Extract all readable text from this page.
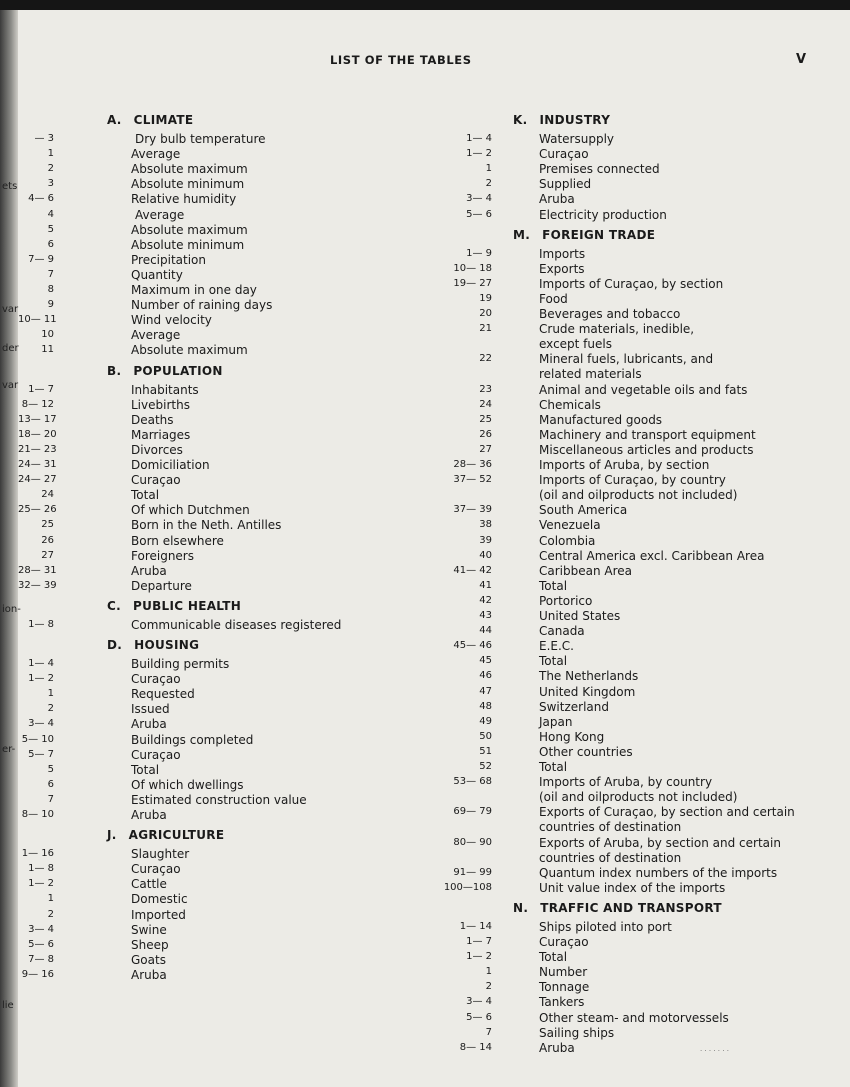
ets
var
der
var
ion-
er-
lie
LIST OF THE TABLES	V
A. CLIMATE
— 3	Dry bulb temperature
1	Average
2	Absolute maximum
3	Absolute minimum
4— 6	Relative humidity
4	Average
5	Absolute maximum
6	Absolute minimum
7— 9	Precipitation
7	Quantity
8	Maximum in one day
9	Number of raining days
10— 11	Wind velocity
10	Average
11	Absolute maximum
B. POPULATION
1— 7	Inhabitants
8— 12	Livebirths
13— 17	Deaths
18— 20	Marriages
21— 23	Divorces
24— 31	Domiciliation
24— 27	Curaçao
24	Total
25— 26	Of which Dutchmen
25	Born in the Neth. Antilles
26	Born elsewhere
27	Foreigners
28— 31	Aruba
32— 39	Departure
C. PUBLIC HEALTH
1— 8	Communicable diseases registered
D. HOUSING
1— 4	Building permits
1— 2	Curaçao
1	Requested
2	Issued
3— 4	Aruba
5— 10	Buildings completed
5— 7	Curaçao
5	Total
6	Of which dwellings
7	Estimated construction value
8— 10	Aruba
J. AGRICULTURE
1— 16	Slaughter
1— 8	Curaçao
1— 2	Cattle
1	Domestic
2	Imported
3— 4	Swine
5— 6	Sheep
7— 8	Goats
9— 16	Aruba
K. INDUSTRY
1— 4	Watersupply
1— 2	Curaçao
1	Premises connected
2	Supplied
3— 4	Aruba
5— 6	Electricity production
M. FOREIGN TRADE
1— 9	Imports
10— 18	Exports
19— 27	Imports of Curaçao, by section
19	Food
20	Beverages and tobacco
21	Crude materials, inedible,
except fuels
22	Mineral fuels, lubricants, and
related materials
23	Animal and vegetable oils and fats
24	Chemicals
25	Manufactured goods
26	Machinery and transport equipment
27	Miscellaneous articles and products
28— 36	Imports of Aruba, by section
37— 52	Imports of Curaçao, by country
(oil and oilproducts not included)
37— 39	South America
38	Venezuela
39	Colombia
40	Central America excl. Caribbean Area
41— 42	Caribbean Area
41	Total
42	Portorico
43	United States
44	Canada
45— 46	E.E.C.
45	Total
46	The Netherlands
47	United Kingdom
48	Switzerland
49	Japan
50	Hong Kong
51	Other countries
52	Total
53— 68	Imports of Aruba, by country
(oil and oilproducts not included)
69— 79	Exports of Curaçao, by section and certain
countries of destination
80— 90	Exports of Aruba, by section and certain
countries of destination
91— 99	Quantum index numbers of the imports
100—108	Unit value index of the imports
N. TRAFFIC AND TRANSPORT
1— 14	Ships piloted into port
1— 7	Curaçao
1— 2	Total
1	Number
2	Tonnage
3— 4	Tankers
5— 6	Other steam- and motorvessels
7	Sailing ships
8— 14	Aruba	· · · · · · ·
